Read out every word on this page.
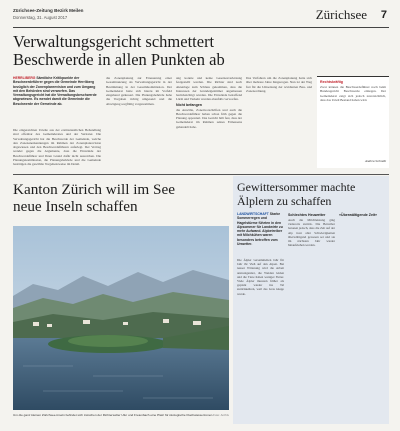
Zürichsee-Zeitung Bezirk Meilen
Donnerstag, 31. August 2017	Zürichsee 7
Verwaltungsgericht schmettert
Beschwerde in allen Punkten ab
HERRLIBERG Sämtliche Kritikpunkte der Beschwerdeführer gegen die Gemeinde Herrliberg bezüglich der Zonenplanrevision und zum Umgang mit den Behörden sind verworfen. Das Verwaltungsgericht hat die Verwaltungsbeschwerde abgewiesen. Es wendet damit die Gemeinde die Beschwerde der Gemeinde ab.
Die eingereichten Urteile aus der erstinstanzlichen Behandlung sind offenbar des Gemeinderates und der Vertreter. Die Verwaltungsgericht hat die Beschwerde der Gemeinde, welche den Zonenanerkennungen im Rahmen der Zonenplanrevision abgewiesen und den Beschwerdeführern auferlegt. Der Vertrag wendet gegen die Argumente, dass die Einwände der Beschwerdeführer und Ihren Grund dafür nicht ausreichen. Die Planungskommission, die Planungsbehörde und die Gemeinde bestätigen die gewählte Vorgehensweise im Detail.
die Zonenplanung zur Erneuerung einer Gesamtnutzung als Verwaltungsgericht in der Bestimmung in der Gesamtkommission. Der Gemeinderat hatte sich hierzu im Vorfeld eingehend geäussert. Die Planungsbehörde habe die Vorgaben richtig umgesetzt und die Abwägung sorgfältig vorgenommen.
ung konnte und keine Gesetzesverletzung festgestellt werden. Die Richter sind nach Aktenlage zum Schluss gekommen, dass die Interessen der Grundeigentümer angemessen berücksichtigt wurden. Die Einwände betreffend Lärm und Verkehr wurden ebenfalls verworfen.
Nicht befangen
die Anwälte, Zonenvorschriften und auch die Beschwerdeführer haben schon früh gegen die Planung opponiert. Das Gericht hält fest, dass der Gemeinderat im Rahmen seines Ermessens gehandelt habe.
Das Verfahren um die Zonenplanung hatte sich über mehrere Jahre hingezogen. Nun ist der Weg frei für die Umsetzung der revidierten Bau- und Zonenordnung.
Rechtskräftig
Zwar können die Beschwerdeführer noch beim Bundesgericht Beschwerde einlegen. Der Gemeinderat zeigt sich jedoch zuversichtlich, dass das Urteil Bestand haben wird.
Andrea Schmidt
Kanton Zürich will im See
neue Inseln schaffen
Um die ganz kleinen Zürichsee-Inseln befindet sich zwischen der Richterswiler Ufer und Freienbach eine Platz für ökologische Flachwasserzonen. Foto: Archiv
Gewittersommer machte
Älplern zu schaffen
LANDWIRTSCHAFT Starke Sommerregen und Hagelstürme führten in den Alpsommer für Landwirte zu mehr Aufwand. Alpbetreiber mit Milchkühen waren besonders betroffen vom Unwetter.
Die Älpler versammelten Jahr für Jahr ihr Vieh auf den Alpen. Bei nasser Witterung wird die Arbeit anstrengender, die Weiden leiden und die Tiere haben weniger Futter. Viele Älpler mussten früher als geplant wieder ins Tal zurückkehren, weil das Gras knapp wurde.
Schlechtes Heuwetter
Auch die Milchleistung ging vielerorts zurück. Die Betreiber betonen jedoch, dass die Zeit auf der Alp trotz aller Schwierigkeiten überwältigend gewesen sei und sie im nächsten Jahr wieder hinaufziehen werden.
«Überwältigende Zeit»
